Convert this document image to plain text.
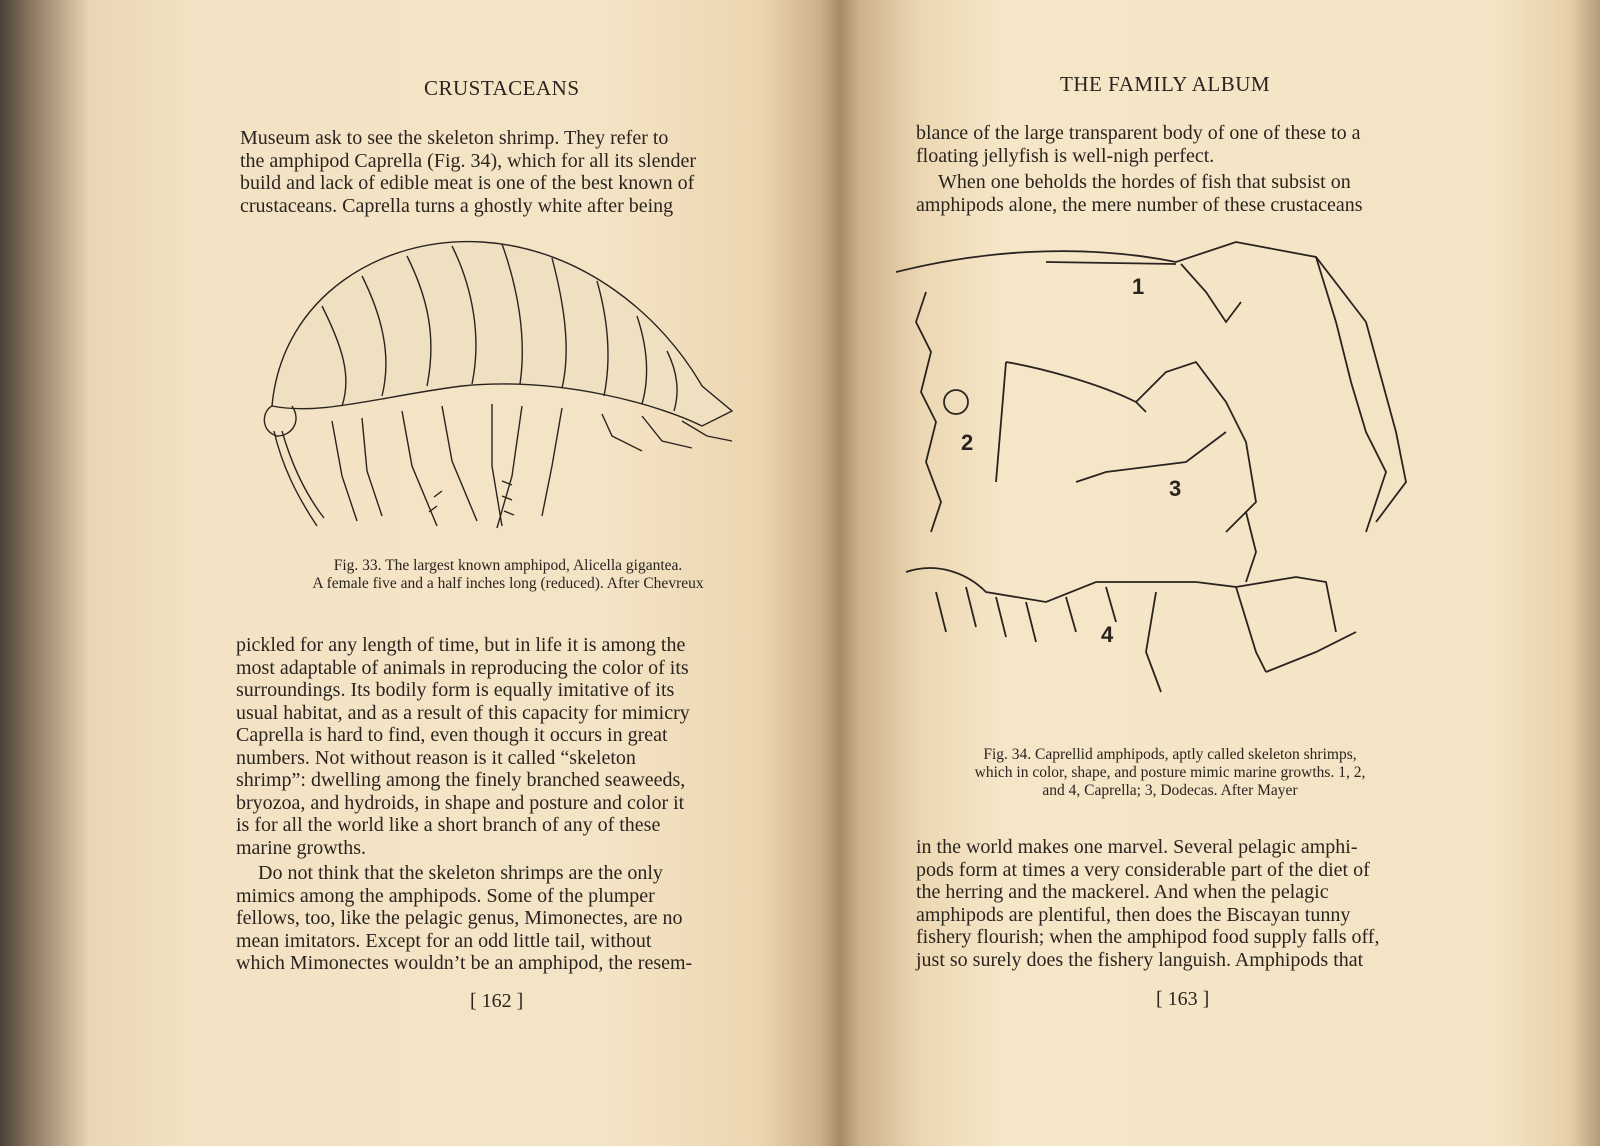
CRUSTACEANS

Museum ask to see the skeleton shrimp. They refer to
the amphipod Caprella (Fig. 34), which for all its slender
build and lack of edible meat is one of the best known of
crustaceans. Caprella turns a ghostly white after being

Fig. 33. The largest known amphipod, Alicella gigantea.
A female five and a half inches long (reduced). After Chevreux

pickled for any length of time, but in life it is among the
most adaptable of animals in reproducing the color of its
surroundings. Its bodily form is equally imitative of its
usual habitat, and as a result of this capacity for mimicry
Caprella is hard to find, even though it occurs in great
numbers. Not without reason is it called “skeleton
shrimp”: dwelling among the finely branched seaweeds,
bryozoa, and hydroids, in shape and posture and color it
is for all the world like a short branch of any of these
marine growths.

Do not think that the skeleton shrimps are the only
mimics among the amphipods. Some of the plumper
fellows, too, like the pelagic genus, Mimonectes, are no
mean imitators. Except for an odd little tail, without
which Mimonectes wouldn’t be an amphipod, the resem-

[ 162 ]
THE FAMILY ALBUM

blance of the large transparent body of one of these to a
floating jellyfish is well-nigh perfect.

When one beholds the hordes of fish that subsist on
amphipods alone, the mere number of these crustaceans

1
2
3
4

Fig. 34. Caprellid amphipods, aptly called skeleton shrimps,
which in color, shape, and posture mimic marine growths. 1, 2,
and 4, Caprella; 3, Dodecas. After Mayer

in the world makes one marvel. Several pelagic amphi-
pods form at times a very considerable part of the diet of
the herring and the mackerel. And when the pelagic
amphipods are plentiful, then does the Biscayan tunny
fishery flourish; when the amphipod food supply falls off,
just so surely does the fishery languish. Amphipods that

[ 163 ]
